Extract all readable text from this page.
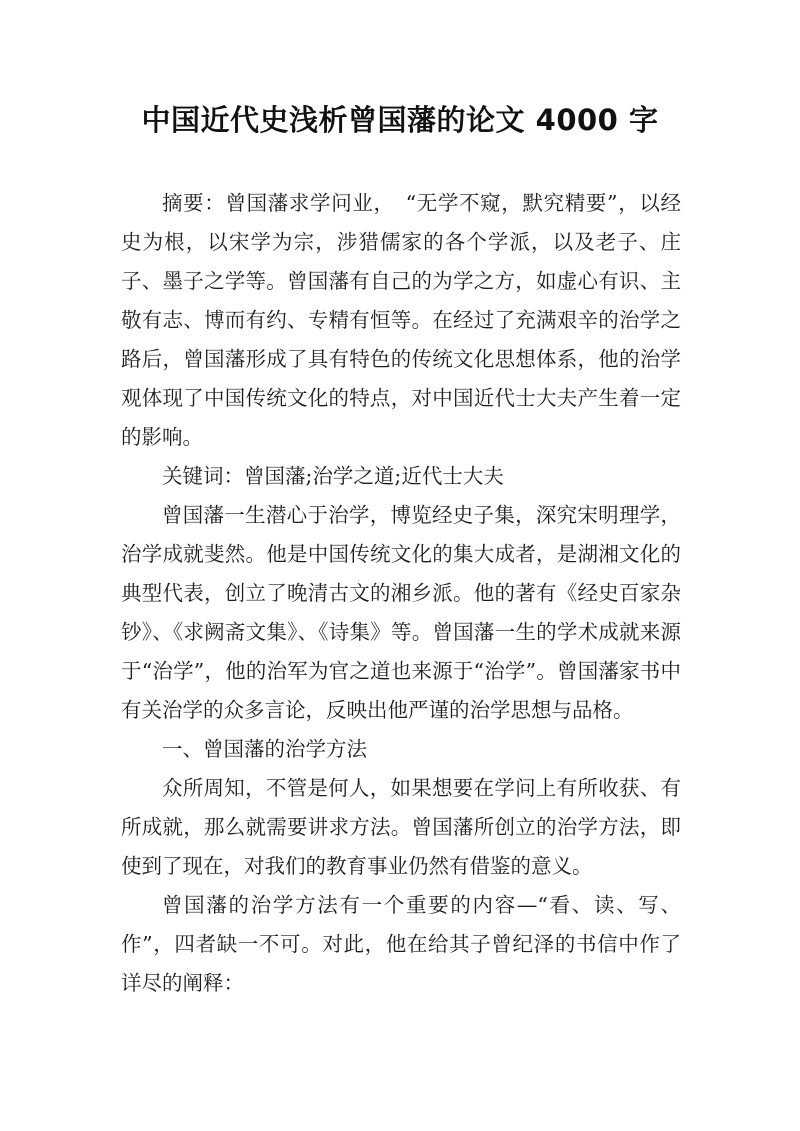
中国近代史浅析曾国藩的论文 4000 字

摘要：曾国藩求学问业，　“无学不窥，默究精要”，以经史为根，以宋学为宗，涉猎儒家的各个学派，以及老子、庄子、墨子之学等。曾国藩有自己的为学之方，如虚心有识、主敬有志、博而有约、专精有恒等。在经过了充满艰辛的治学之路后，曾国藩形成了具有特色的传统文化思想体系，他的治学观体现了中国传统文化的特点，对中国近代士大夫产生着一定的影响。

关键词：曾国藩;治学之道;近代士大夫

曾国藩一生潜心于治学，博览经史子集，深究宋明理学，治学成就斐然。他是中国传统文化的集大成者，是湖湘文化的典型代表，创立了晚清古文的湘乡派。他的著有《经史百家杂钞》、《求阙斋文集》、《诗集》等。曾国藩一生的学术成就来源于“治学”，他的治军为官之道也来源于“治学”。曾国藩家书中有关治学的众多言论，反映出他严谨的治学思想与品格。

一、曾国藩的治学方法

众所周知，不管是何人，如果想要在学问上有所收获、有所成就，那么就需要讲求方法。曾国藩所创立的治学方法，即使到了现在，对我们的教育事业仍然有借鉴的意义。

曾国藩的治学方法有一个重要的内容—“看、读、写、作”，四者缺一不可。对此，他在给其子曾纪泽的书信中作了详尽的阐释：
